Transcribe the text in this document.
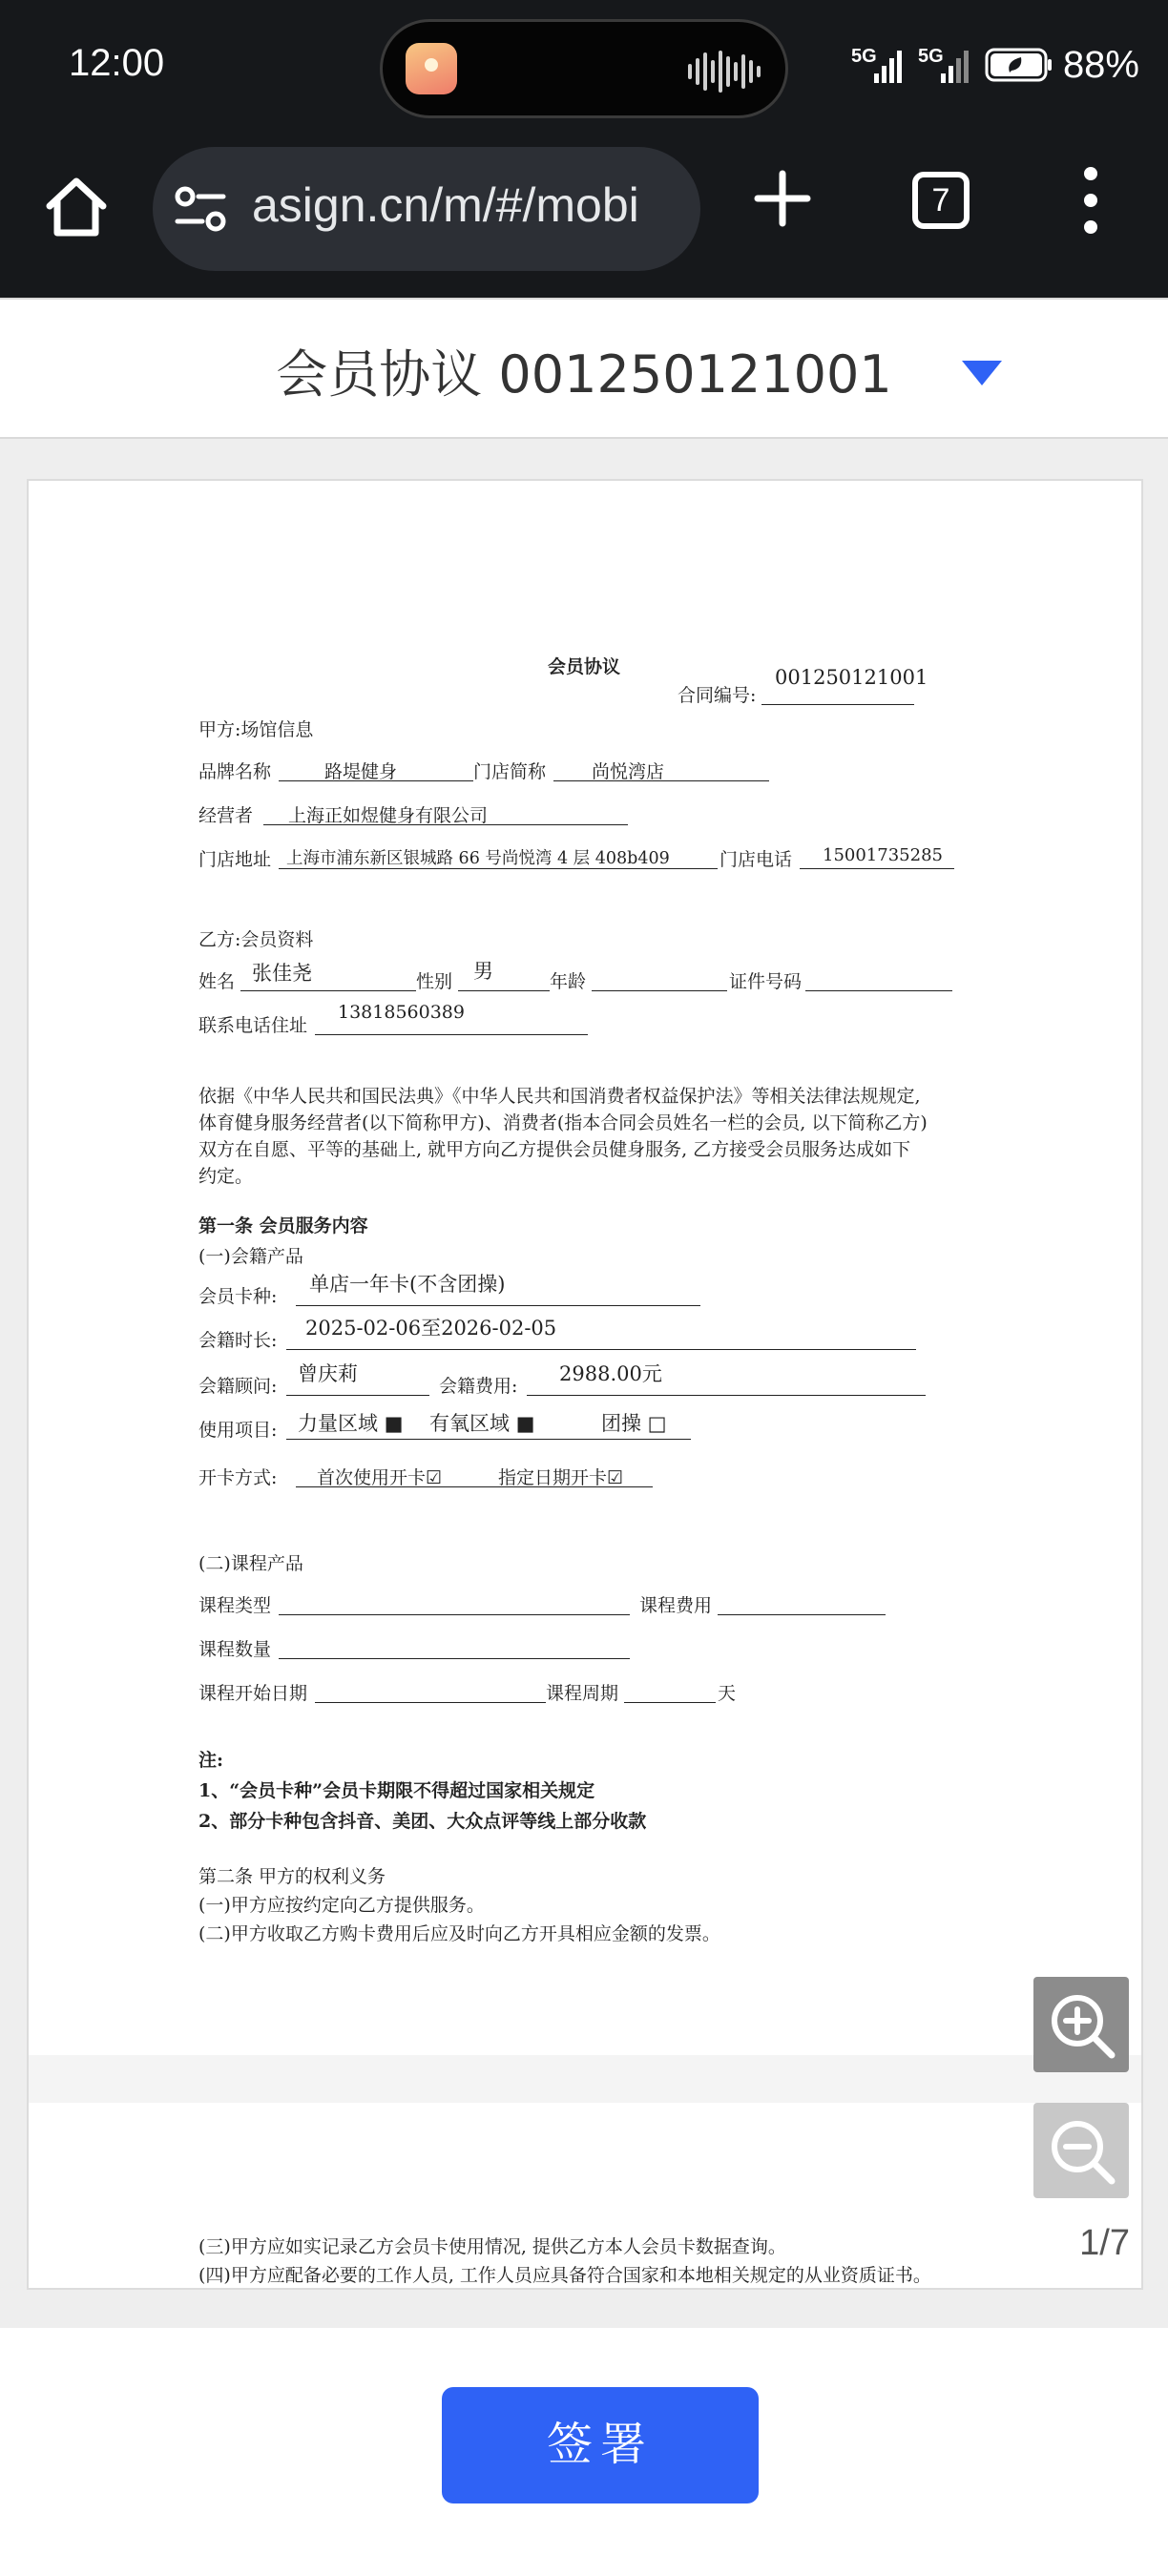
12:00	5G 5G	88%
asign.cn/m/#/mobi	7
会员协议 001250121001
会员协议
合同编号:
001250121001
甲方:场馆信息
品牌名称	路堤健身	门店简称	尚悦湾店
经营者 上海正如煜健身有限公司
门店地址 上海市浦东新区银城路 66 号尚悦湾 4 层 408b409	门店电话 15001735285
乙方:会员资料
姓名 张佳尧	性别 男	年龄	证件号码
联系电话住址
13818560389
依据《中华人民共和国民法典》《中华人民共和国消费者权益保护法》等相关法律法规规定,
体育健身服务经营者(以下简称甲方)、消费者(指本合同会员姓名一栏的会员, 以下简称乙方)
双方在自愿、平等的基础上, 就甲方向乙方提供会员健身服务, 乙方接受会员服务达成如下
约定。
第一条 会员服务内容
(一)会籍产品
会员卡种:
单店一年卡(不含团操)
会籍时长:
2025-02-06至2026-02-05
会籍顾问:
曾庆莉
会籍费用:
2988.00元
使用项目: 力量区域 ■ 有氧区域 ■	团操 □
开卡方式: 首次使用开卡☑	指定日期开卡☑
(二)课程产品
课程类型	课程费用
课程数量
课程开始日期	课程周期	天
注:
1、“会员卡种”会员卡期限不得超过国家相关规定
2、部分卡种包含抖音、美团、大众点评等线上部分收款
第二条 甲方的权利义务
(一)甲方应按约定向乙方提供服务。
(二)甲方收取乙方购卡费用后应及时向乙方开具相应金额的发票。
(三)甲方应如实记录乙方会员卡使用情况, 提供乙方本人会员卡数据查询。
(四)甲方应配备必要的工作人员, 工作人员应具备符合国家和本地相关规定的从业资质证书。
1/7
签署
